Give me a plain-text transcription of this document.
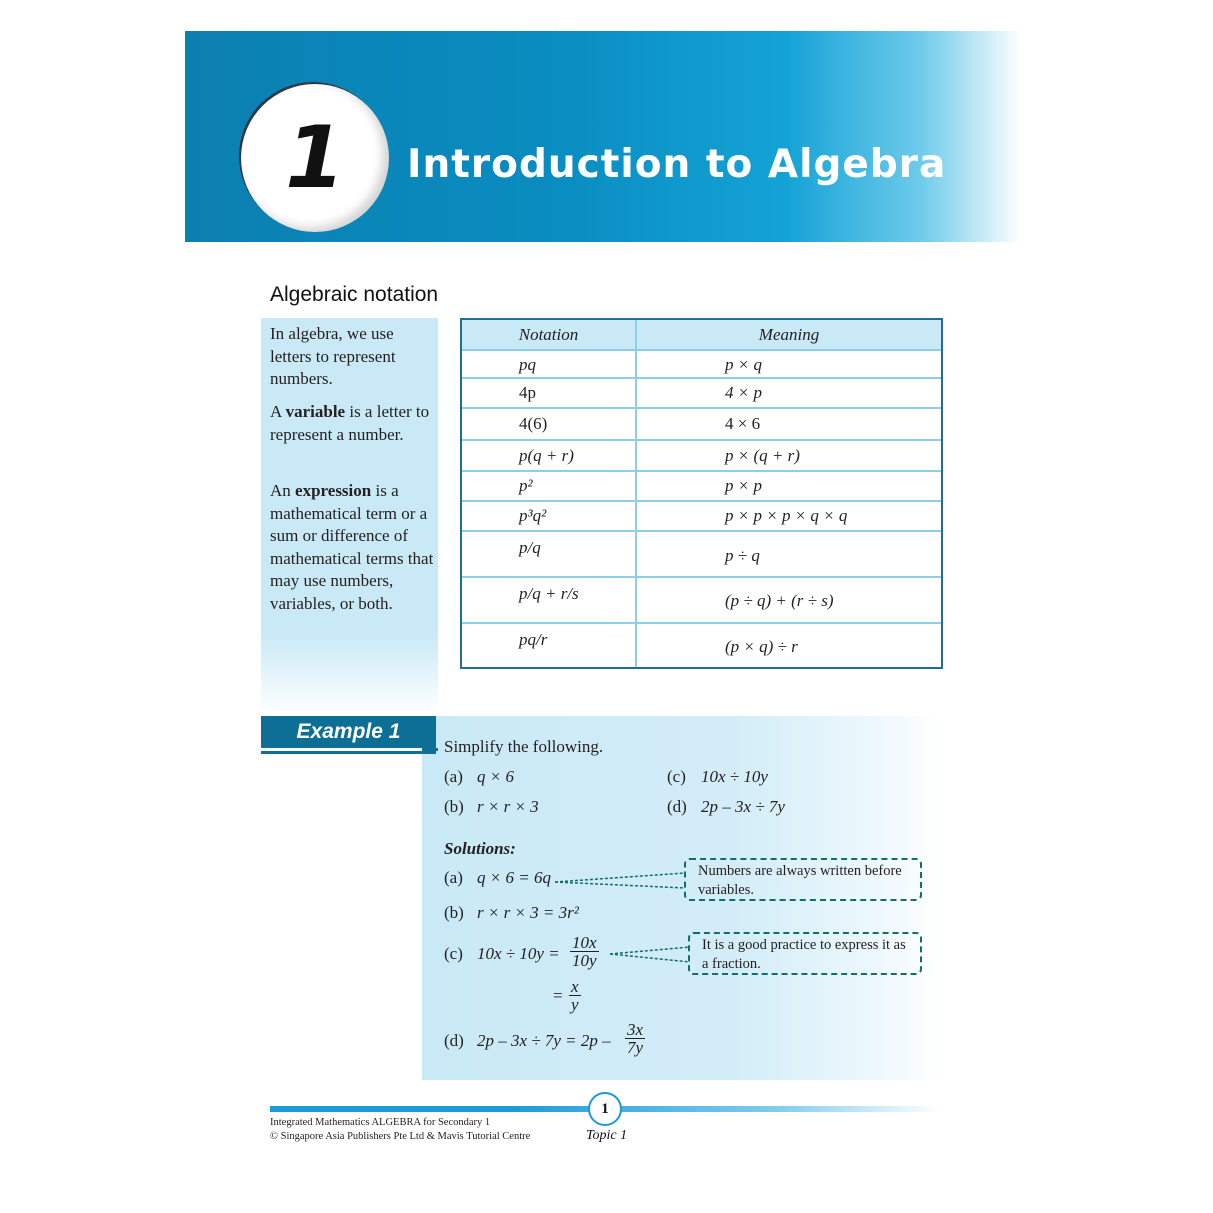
1	Introduction to Algebra
Algebraic notation
In algebra, we use letters to represent numbers.
A variable is a letter to represent a number.
An expression is a mathematical term or a sum or difference of mathematical terms that may use numbers, variables, or both.
Notation	Meaning
pq
4p
4(6)
p(q + r)
p²
p³q²
p/q
p/q + r/s
pq/r
p × q
4 × p
4 × 6
p × (q + r)
p × p
p × p × p × q × q
p ÷ q
(p ÷ q) + (r ÷ s)
(p × q) ÷ r
Example 1
Simplify the following.
(a) q × 6
(b) r × r × 3
(c) 10x ÷ 10y
(d) 2p – 3x ÷ 7y
Solutions:
(a) q × 6 = 6q
(b) r × r × 3 = 3r²
(c) $10x \div 10y = \frac{10x}{10y}$
= $\frac{x}{y}$
(d) $2p - 3x \div 7y = 2p - \frac{3x}{7y}$
Numbers are always written before variables.
It is a good practice to express it as a fraction.
1
Topic 1
Integrated Mathematics ALGEBRA for Secondary 1
© Singapore Asia Publishers Pte Ltd & Mavis Tutorial Centre
